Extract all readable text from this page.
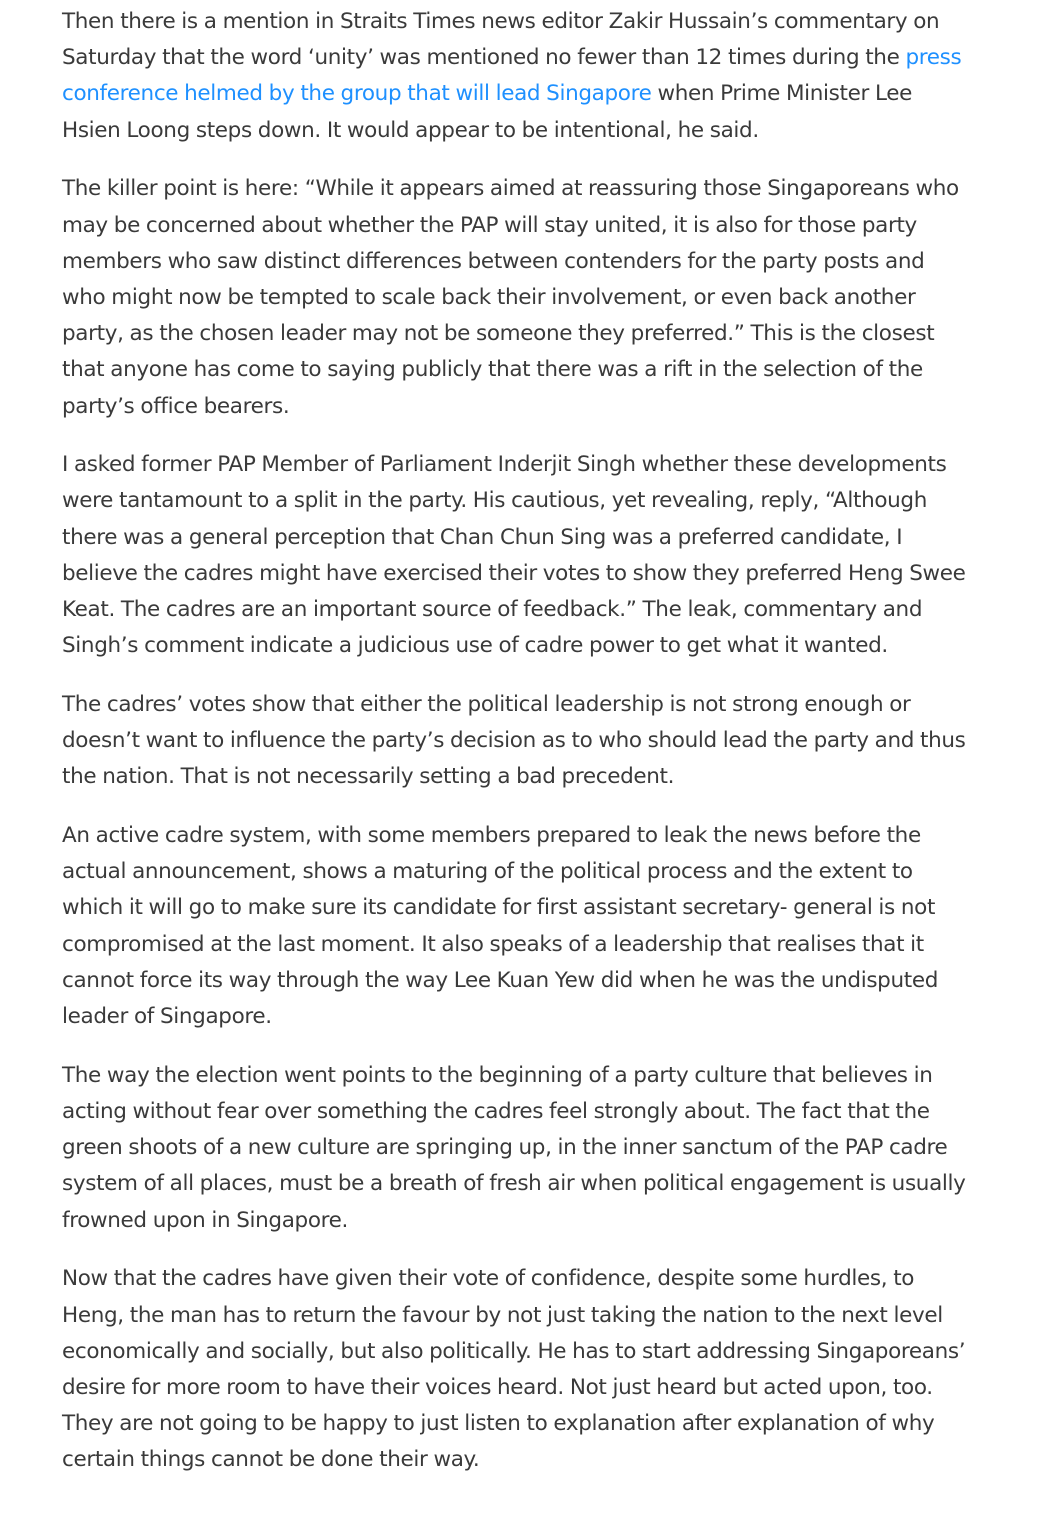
Then there is a mention in Straits Times news editor Zakir Hussain’s commentary on Saturday that the word ‘unity’ was mentioned no fewer than 12 times during the press conference helmed by the group that will lead Singapore when Prime Minister Lee Hsien Loong steps down. It would appear to be intentional, he said.

The killer point is here: “While it appears aimed at reassuring those Singaporeans who may be concerned about whether the PAP will stay united, it is also for those party members who saw distinct differences between contenders for the party posts and who might now be tempted to scale back their involvement, or even back another party, as the chosen leader may not be someone they preferred.” This is the closest that anyone has come to saying publicly that there was a rift in the selection of the party’s office bearers.

I asked former PAP Member of Parliament Inderjit Singh whether these developments were tantamount to a split in the party. His cautious, yet revealing, reply, “Although there was a general perception that Chan Chun Sing was a preferred candidate, I believe the cadres might have exercised their votes to show they preferred Heng Swee Keat. The cadres are an important source of feedback.” The leak, commentary and Singh’s comment indicate a judicious use of cadre power to get what it wanted.

The cadres’ votes show that either the political leadership is not strong enough or doesn’t want to influence the party’s decision as to who should lead the party and thus the nation. That is not necessarily setting a bad precedent.

An active cadre system, with some members prepared to leak the news before the actual announcement, shows a maturing of the political process and the extent to which it will go to make sure its candidate for first assistant secretary- general is not compromised at the last moment. It also speaks of a leadership that realises that it cannot force its way through the way Lee Kuan Yew did when he was the undisputed leader of Singapore.

The way the election went points to the beginning of a party culture that believes in acting without fear over something the cadres feel strongly about. The fact that the green shoots of a new culture are springing up, in the inner sanctum of the PAP cadre system of all places, must be a breath of fresh air when political engagement is usually frowned upon in Singapore.

Now that the cadres have given their vote of confidence, despite some hurdles, to Heng, the man has to return the favour by not just taking the nation to the next level economically and socially, but also politically. He has to start addressing Singaporeans’ desire for more room to have their voices heard. Not just heard but acted upon, too. They are not going to be happy to just listen to explanation after explanation of why certain things cannot be done their way.
